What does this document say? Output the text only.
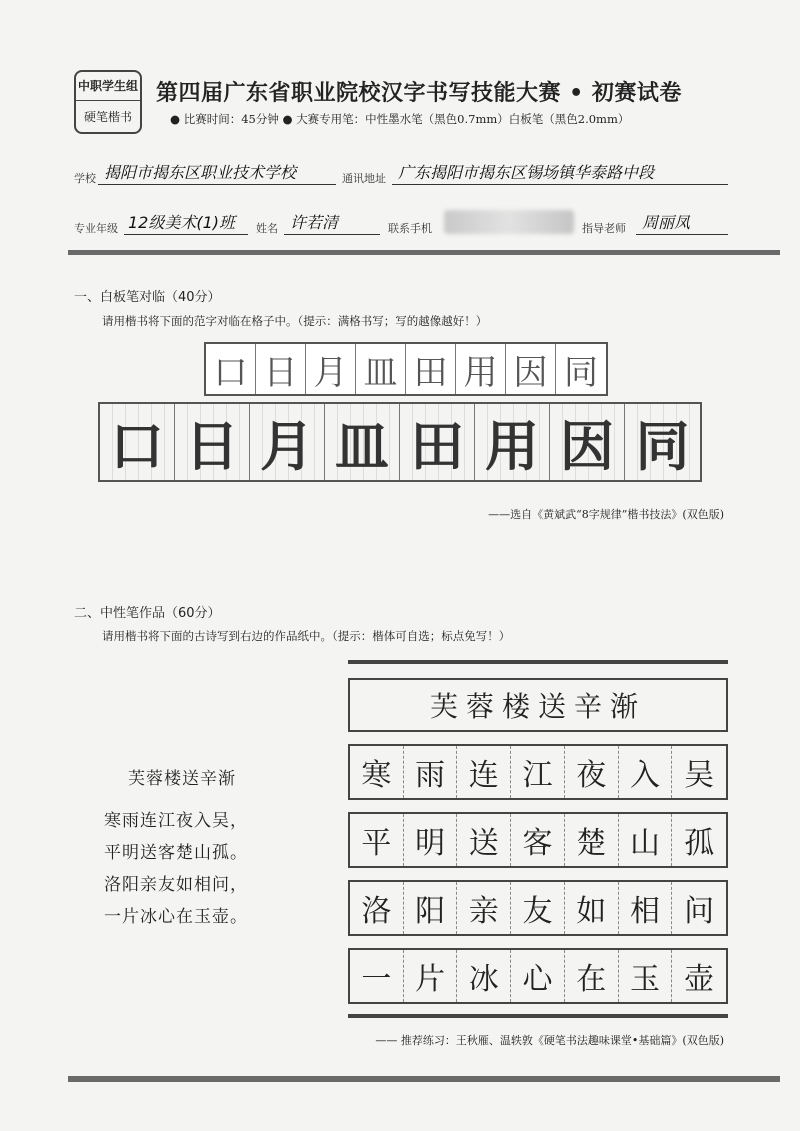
中职学生组
硬笔楷书
第四届广东省职业院校汉字书写技能大赛 • 初赛试卷
● 比赛时间：45分钟 ● 大赛专用笔：中性墨水笔（黑色0.7mm）白板笔（黑色2.0mm）
学校 揭阳市揭东区职业技术学校	通讯地址 广东揭阳市揭东区锡场镇华泰路中段
专业年级 12级美术(1)班 姓名 许若清	联系手机	指导老师 周丽凤
一、白板笔对临（40分）
请用楷书将下面的范字对临在格子中。（提示：满格书写；写的越像越好！）
口 日 月 皿 田 用 因 同
口 日 月 皿 田 用 因 同
——选自《黄斌武“8字规律”楷书技法》(双色版)
二、中性笔作品（60分）
请用楷书将下面的古诗写到右边的作品纸中。（提示：楷体可自选；标点免写！）
芙蓉楼送辛渐
寒雨连江夜入吴，
平明送客楚山孤。
洛阳亲友如相问，
一片冰心在玉壶。
芙蓉楼送辛渐
寒 雨 连 江 夜 入 吴
平 明 送 客 楚 山 孤
洛 阳 亲 友 如 相 问
一 片 冰 心 在 玉 壶
—— 推荐练习：王秋雁、温轶敦《硬笔书法趣味课堂•基础篇》(双色版)
